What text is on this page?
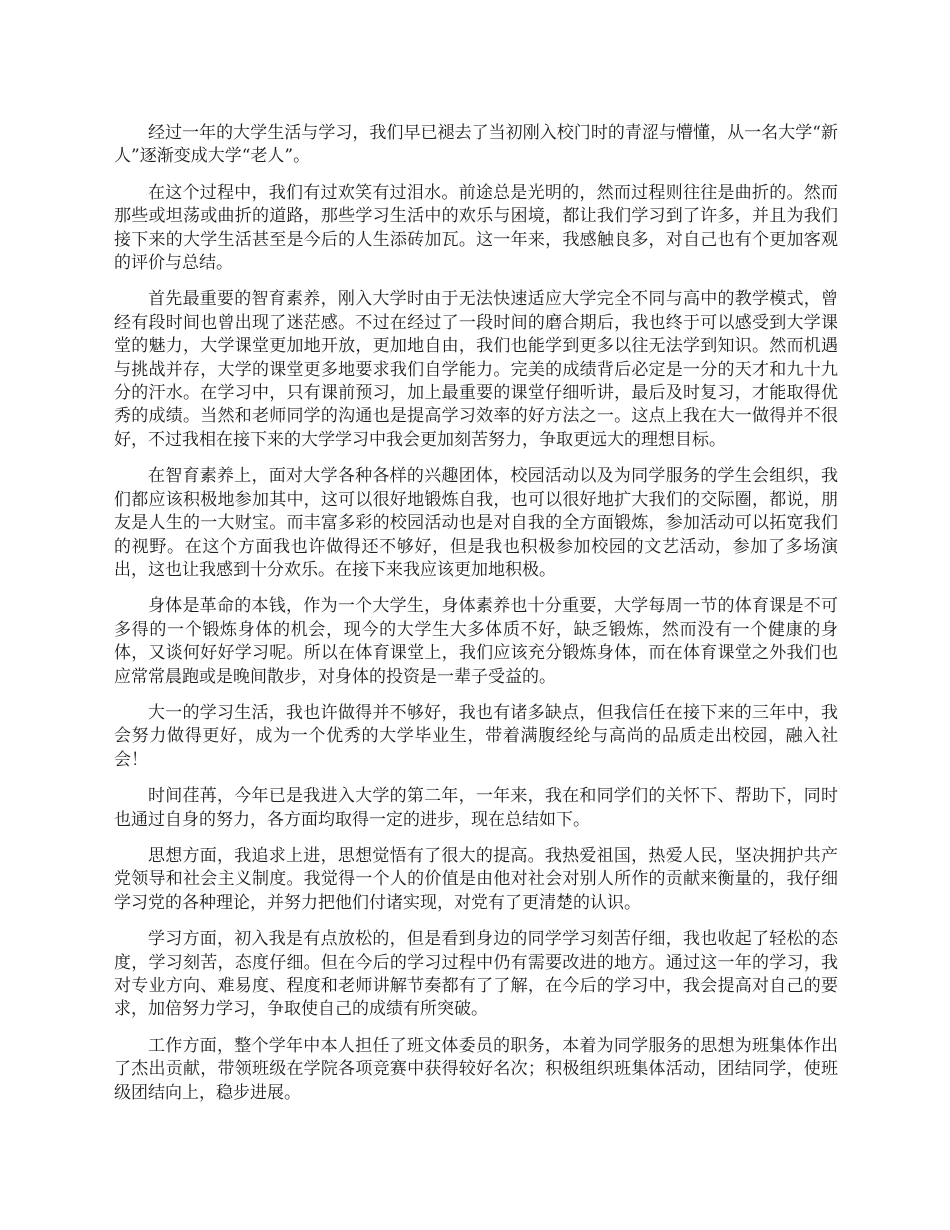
经过一年的大学生活与学习，我们早已褪去了当初刚入校门时的青涩与懵懂，从一名大学“新人”逐渐变成大学“老人”。

在这个过程中，我们有过欢笑有过泪水。前途总是光明的，然而过程则往往是曲折的。然而那些或坦荡或曲折的道路，那些学习生活中的欢乐与困境，都让我们学习到了许多，并且为我们接下来的大学生活甚至是今后的人生添砖加瓦。这一年来，我感触良多，对自己也有个更加客观的评价与总结。

首先最重要的智育素养，刚入大学时由于无法快速适应大学完全不同与高中的教学模式，曾经有段时间也曾出现了迷茫感。不过在经过了一段时间的磨合期后，我也终于可以感受到大学课堂的魅力，大学课堂更加地开放，更加地自由，我们也能学到更多以往无法学到知识。然而机遇与挑战并存，大学的课堂更多地要求我们自学能力。完美的成绩背后必定是一分的天才和九十九分的汗水。在学习中，只有课前预习，加上最重要的课堂仔细听讲，最后及时复习，才能取得优秀的成绩。当然和老师同学的沟通也是提高学习效率的好方法之一。这点上我在大一做得并不很好，不过我相在接下来的大学学习中我会更加刻苦努力，争取更远大的理想目标。

在智育素养上，面对大学各种各样的兴趣团体，校园活动以及为同学服务的学生会组织，我们都应该积极地参加其中，这可以很好地锻炼自我，也可以很好地扩大我们的交际圈，都说，朋友是人生的一大财宝。而丰富多彩的校园活动也是对自我的全方面锻炼，参加活动可以拓宽我们的视野。在这个方面我也许做得还不够好，但是我也积极参加校园的文艺活动，参加了多场演出，这也让我感到十分欢乐。在接下来我应该更加地积极。

身体是革命的本钱，作为一个大学生，身体素养也十分重要，大学每周一节的体育课是不可多得的一个锻炼身体的机会，现今的大学生大多体质不好，缺乏锻炼，然而没有一个健康的身体，又谈何好好学习呢。所以在体育课堂上，我们应该充分锻炼身体，而在体育课堂之外我们也应常常晨跑或是晚间散步，对身体的投资是一辈子受益的。

大一的学习生活，我也许做得并不够好，我也有诸多缺点，但我信任在接下来的三年中，我会努力做得更好，成为一个优秀的大学毕业生，带着满腹经纶与高尚的品质走出校园，融入社会！

时间荏苒，今年已是我进入大学的第二年，一年来，我在和同学们的关怀下、帮助下，同时也通过自身的努力，各方面均取得一定的进步，现在总结如下。

思想方面，我追求上进，思想觉悟有了很大的提高。我热爱祖国，热爱人民，坚决拥护共产党领导和社会主义制度。我觉得一个人的价值是由他对社会对别人所作的贡献来衡量的，我仔细学习党的各种理论，并努力把他们付诸实现，对党有了更清楚的认识。

学习方面，初入我是有点放松的，但是看到身边的同学学习刻苦仔细，我也收起了轻松的态度，学习刻苦，态度仔细。但在今后的学习过程中仍有需要改进的地方。通过这一年的学习，我对专业方向、难易度、程度和老师讲解节奏都有了了解，在今后的学习中，我会提高对自己的要求，加倍努力学习，争取使自己的成绩有所突破。

工作方面，整个学年中本人担任了班文体委员的职务，本着为同学服务的思想为班集体作出了杰出贡献，带领班级在学院各项竞赛中获得较好名次；积极组织班集体活动，团结同学，使班级团结向上，稳步进展。
